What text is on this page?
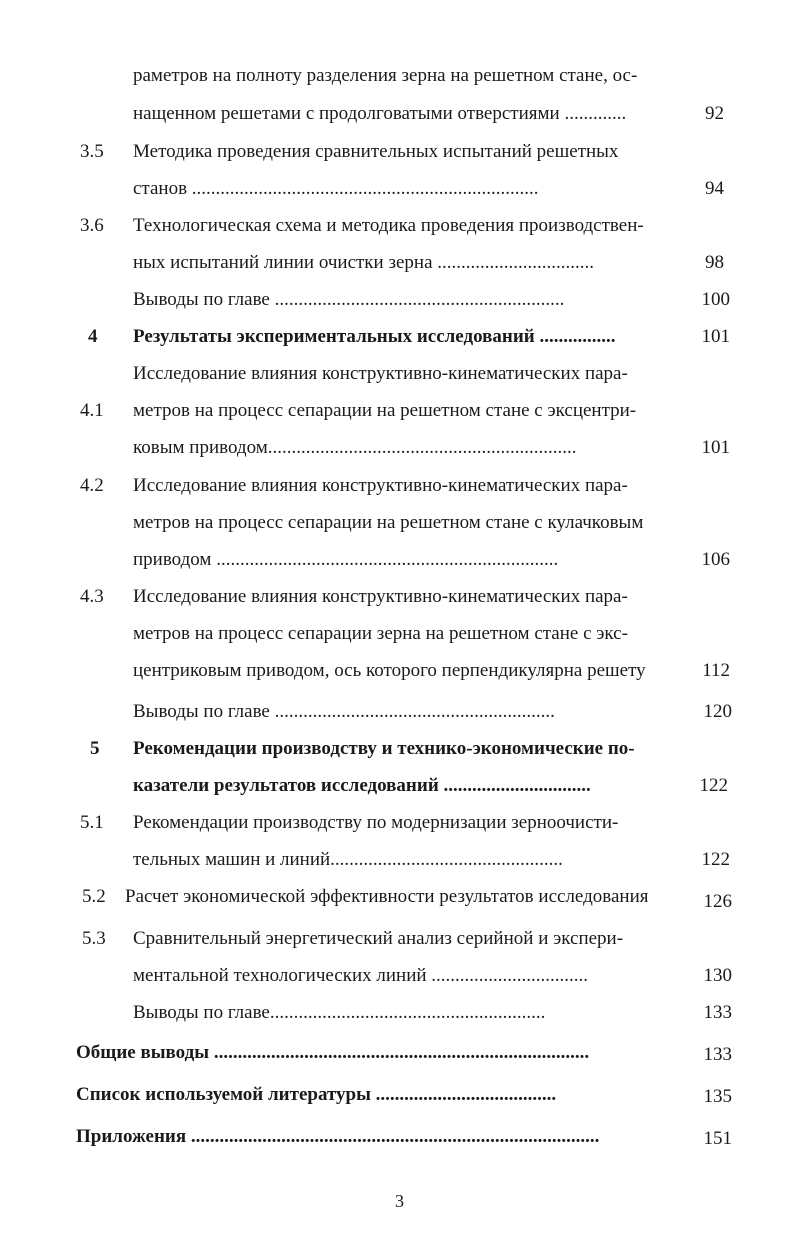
раметров на полноту разделения зерна на решетном стане, ос-
нащенном решетами с продолговатыми отверстиями .............	92
3.5 Методика проведения сравнительных испытаний решетных
станов .........................................................................	94
3.6 Технологическая схема и методика проведения производствен-
ных испытаний линии очистки зерна .................................	98
Выводы по главе .............................................................	100
4 Результаты экспериментальных исследований ................	101
Исследование влияния конструктивно-кинематических пара-
4.1 метров на процесс сепарации на решетном стане с эксцентри-
ковым приводом.................................................................	101
4.2 Исследование влияния конструктивно-кинематических пара-
метров на процесс сепарации на решетном стане с кулачковым
приводом ........................................................................	106
4.3 Исследование влияния конструктивно-кинематических пара-
метров на процесс сепарации зерна на решетном стане с экс-
центриковым приводом, ось которого перпендикулярна решету	112
Выводы по главе ...........................................................	120
5 Рекомендации производству и технико-экономические по-
казатели результатов исследований ...............................	122
5.1 Рекомендации производству по модернизации зерноочисти-
тельных машин и линий.................................................	122
5.2 Расчет экономической эффективности результатов исследования	126
5.3 Сравнительный энергетический анализ серийной и экспери-
ментальной технологических линий .................................	130
Выводы по главе..........................................................	133
Общие выводы ...............................................................................	133
Список используемой литературы ......................................	135
Приложения ......................................................................................	151
3
